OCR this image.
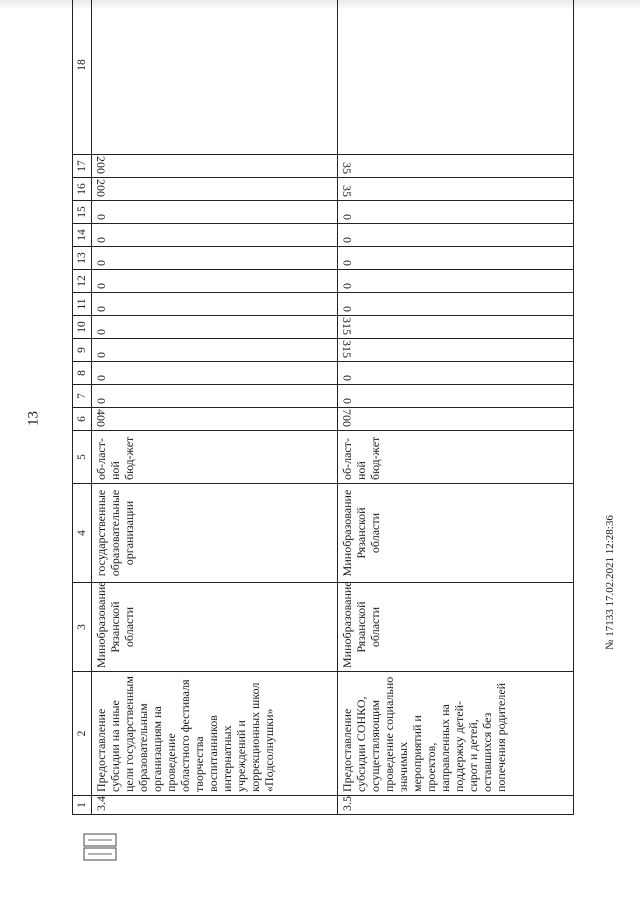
13
1	2	3	4	5	6	7	8	9	10	11	12	13	14	15	16	17	18
3.4	Предоставление субсидии на иные цели государственным образовательным организациям на проведение областного фестиваля творчества воспитанников интернатных учреждений и коррекционных школ «Подсолнушки»	Минобразование Рязанской области	государственные образовательные организации	об-ласт-ной бюд-жет	400	0	0	0	0	0	0	0	0	0	200	200	
3.5	Предоставление субсидии СОНКО, осуществляющим проведение социально значимых мероприятий и проектов, направленных на поддержку детей-сирот и детей, оставшихся без попечения родителей	Минобразование Рязанской области	Минобразование Рязанской области	об-ласт-ной бюд-жет	700	0	0	315	315	0	0	0	0	0	35	35	
№ 17133 17.02.2021 12:28:36
